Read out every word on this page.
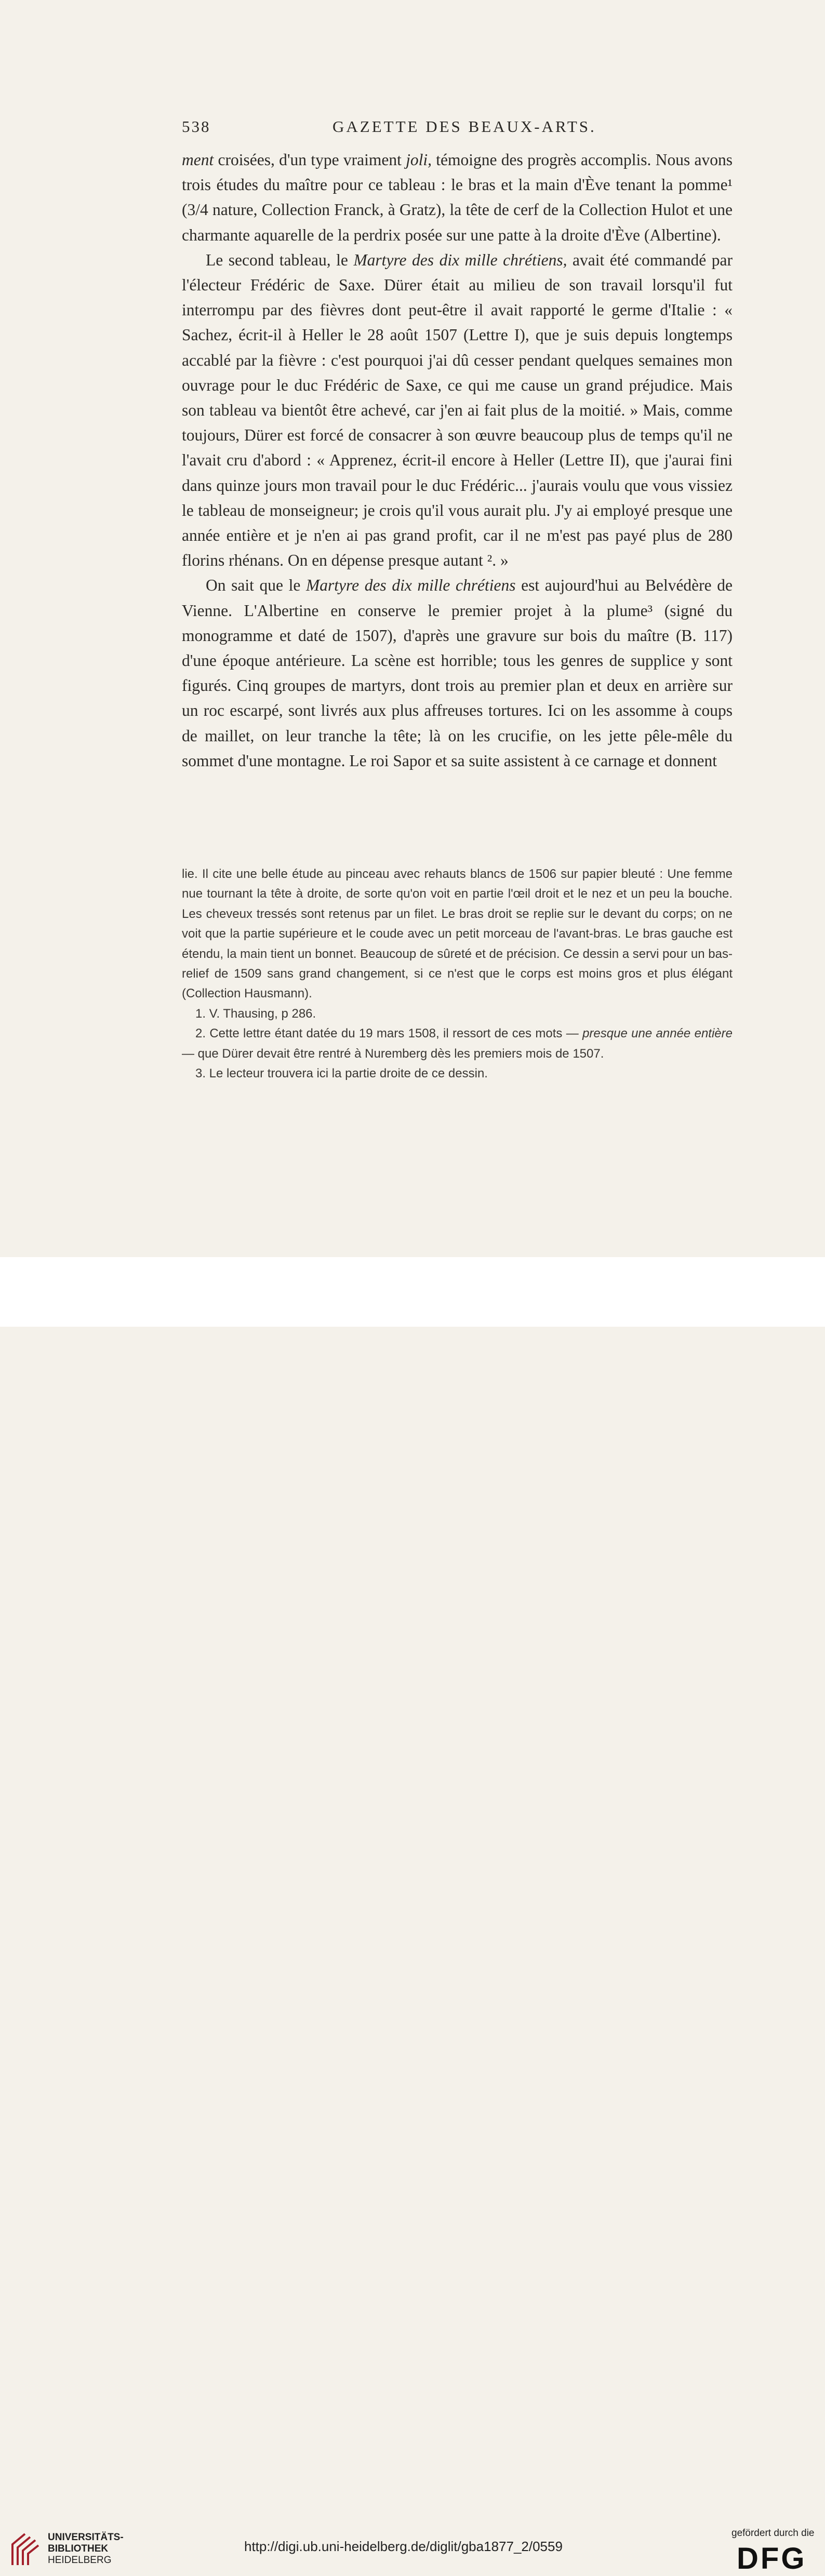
538	GAZETTE DES BEAUX-ARTS.

ment croisées, d'un type vraiment joli, témoigne des progrès accomplis. Nous avons trois études du maître pour ce tableau : le bras et la main d'Ève tenant la pomme¹ (3/4 nature, Collection Franck, à Gratz), la tête de cerf de la Collection Hulot et une charmante aquarelle de la perdrix posée sur une patte à la droite d'Ève (Albertine).

Le second tableau, le Martyre des dix mille chrétiens, avait été commandé par l'électeur Frédéric de Saxe. Dürer était au milieu de son travail lorsqu'il fut interrompu par des fièvres dont peut-être il avait rapporté le germe d'Italie : « Sachez, écrit-il à Heller le 28 août 1507 (Lettre I), que je suis depuis longtemps accablé par la fièvre : c'est pourquoi j'ai dû cesser pendant quelques semaines mon ouvrage pour le duc Frédéric de Saxe, ce qui me cause un grand préjudice. Mais son tableau va bientôt être achevé, car j'en ai fait plus de la moitié. » Mais, comme toujours, Dürer est forcé de consacrer à son œuvre beaucoup plus de temps qu'il ne l'avait cru d'abord : « Apprenez, écrit-il encore à Heller (Lettre II), que j'aurai fini dans quinze jours mon travail pour le duc Frédéric... j'aurais voulu que vous vissiez le tableau de monseigneur; je crois qu'il vous aurait plu. J'y ai employé presque une année entière et je n'en ai pas grand profit, car il ne m'est pas payé plus de 280 florins rhénans. On en dépense presque autant ². »

On sait que le Martyre des dix mille chrétiens est aujourd'hui au Belvédère de Vienne. L'Albertine en conserve le premier projet à la plume³ (signé du monogramme et daté de 1507), d'après une gravure sur bois du maître (B. 117) d'une époque antérieure. La scène est horrible; tous les genres de supplice y sont figurés. Cinq groupes de martyrs, dont trois au premier plan et deux en arrière sur un roc escarpé, sont livrés aux plus affreuses tortures. Ici on les assomme à coups de maillet, on leur tranche la tête; là on les crucifie, on les jette pêle-mêle du sommet d'une montagne. Le roi Sapor et sa suite assistent à ce carnage et donnent

lie. Il cite une belle étude au pinceau avec rehauts blancs de 1506 sur papier bleuté : Une femme nue tournant la tête à droite, de sorte qu'on voit en partie l'œil droit et le nez et un peu la bouche. Les cheveux tressés sont retenus par un filet. Le bras droit se replie sur le devant du corps; on ne voit que la partie supérieure et le coude avec un petit morceau de l'avant-bras. Le bras gauche est étendu, la main tient un bonnet. Beaucoup de sûreté et de précision. Ce dessin a servi pour un bas-relief de 1509 sans grand changement, si ce n'est que le corps est moins gros et plus élégant (Collection Hausmann).

1. V. Thausing, p 286.

2. Cette lettre étant datée du 19 mars 1508, il ressort de ces mots — presque une année entière — que Dürer devait être rentré à Nuremberg dès les premiers mois de 1507.

3. Le lecteur trouvera ici la partie droite de ce dessin.

UNIVERSITÄTS-
BIBLIOTHEK
HEIDELBERG
http://digi.ub.uni-heidelberg.de/diglit/gba1877_2/0559
gefördert durch die
DFG
